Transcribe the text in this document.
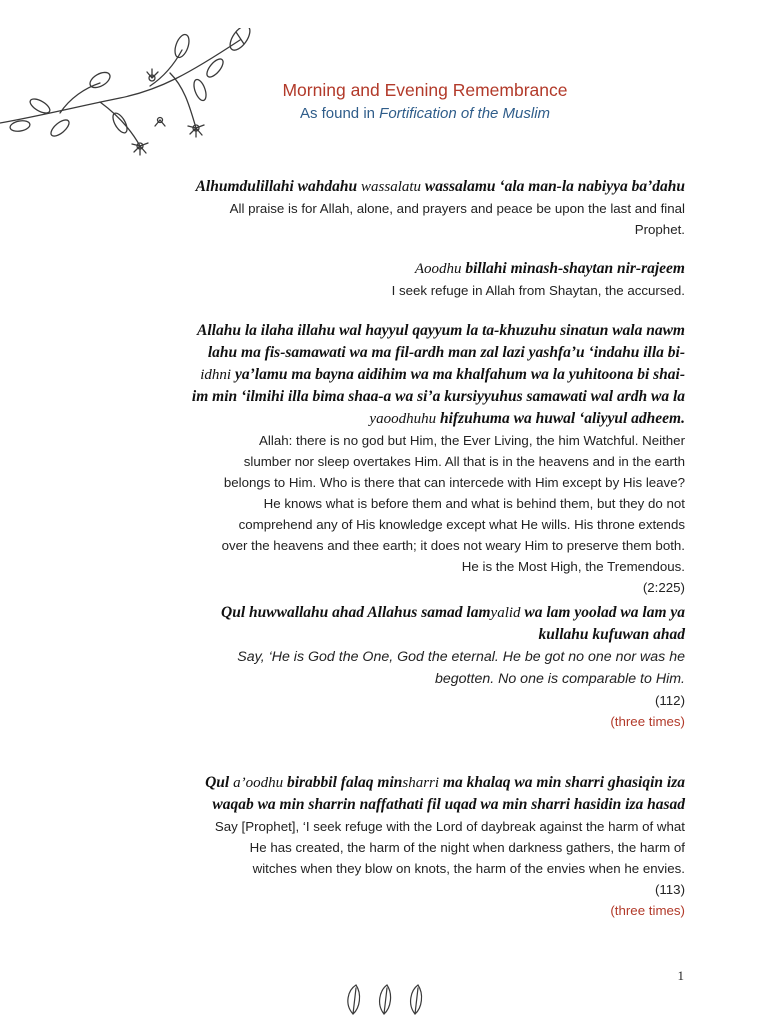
Morning and Evening Remembrance
As found in Fortification of the Muslim
Alhumdulillahi wahdahu wassalatu wassalamu ‘ala man-la nabiyya ba’dahu
All praise is for Allah, alone, and prayers and peace be upon the last and final
Prophet.
Aoodhu billahi minash-shaytan nir-rajeem
I seek refuge in Allah from Shaytan, the accursed.
Allahu la ilaha illahu wal hayyul qayyum la ta-khuzuhu sinatun wala nawm
lahu ma fis-samawati wa ma fil-ardh man zal lazi yashfa’u ‘indahu illa bi-
idhni ya’lamu ma bayna aidihim wa ma khalfahum wa la yuhitoona bi shai-
im min ‘ilmihi illa bima shaa-a wa si’a kursiyyuhus samawati wal ardh wa la
yaoodhuhu hifzuhuma wa huwal ‘aliyyul adheem.
Allah: there is no god but Him, the Ever Living, the him Watchful. Neither
slumber nor sleep overtakes Him. All that is in the heavens and in the earth
belongs to Him. Who is there that can intercede with Him except by His leave?
He knows what is before them and what is behind them, but they do not
comprehend any of His knowledge except what He wills. His throne extends
over the heavens and thee earth; it does not weary Him to preserve them both.
He is the Most High, the Tremendous.
(2:225)
Qul huwwallahu ahad Allahus samad lamyalid wa lam yoolad wa lam ya
kullahu kufuwan ahad
Say, ‘He is God the One, God the eternal. He be got no one nor was he
begotten. No one is comparable to Him.
(112)
(three times)
Qul a’oodhu birabbil falaq minsharri ma khalaq wa min sharri ghasiqin iza
waqab wa min sharrin naffathati fil uqad wa min sharri hasidin iza hasad
Say [Prophet], ‘I seek refuge with the Lord of daybreak against the harm of what
He has created, the harm of the night when darkness gathers, the harm of
witches when they blow on knots, the harm of the envies when he envies.
(113)
(three times)
1
